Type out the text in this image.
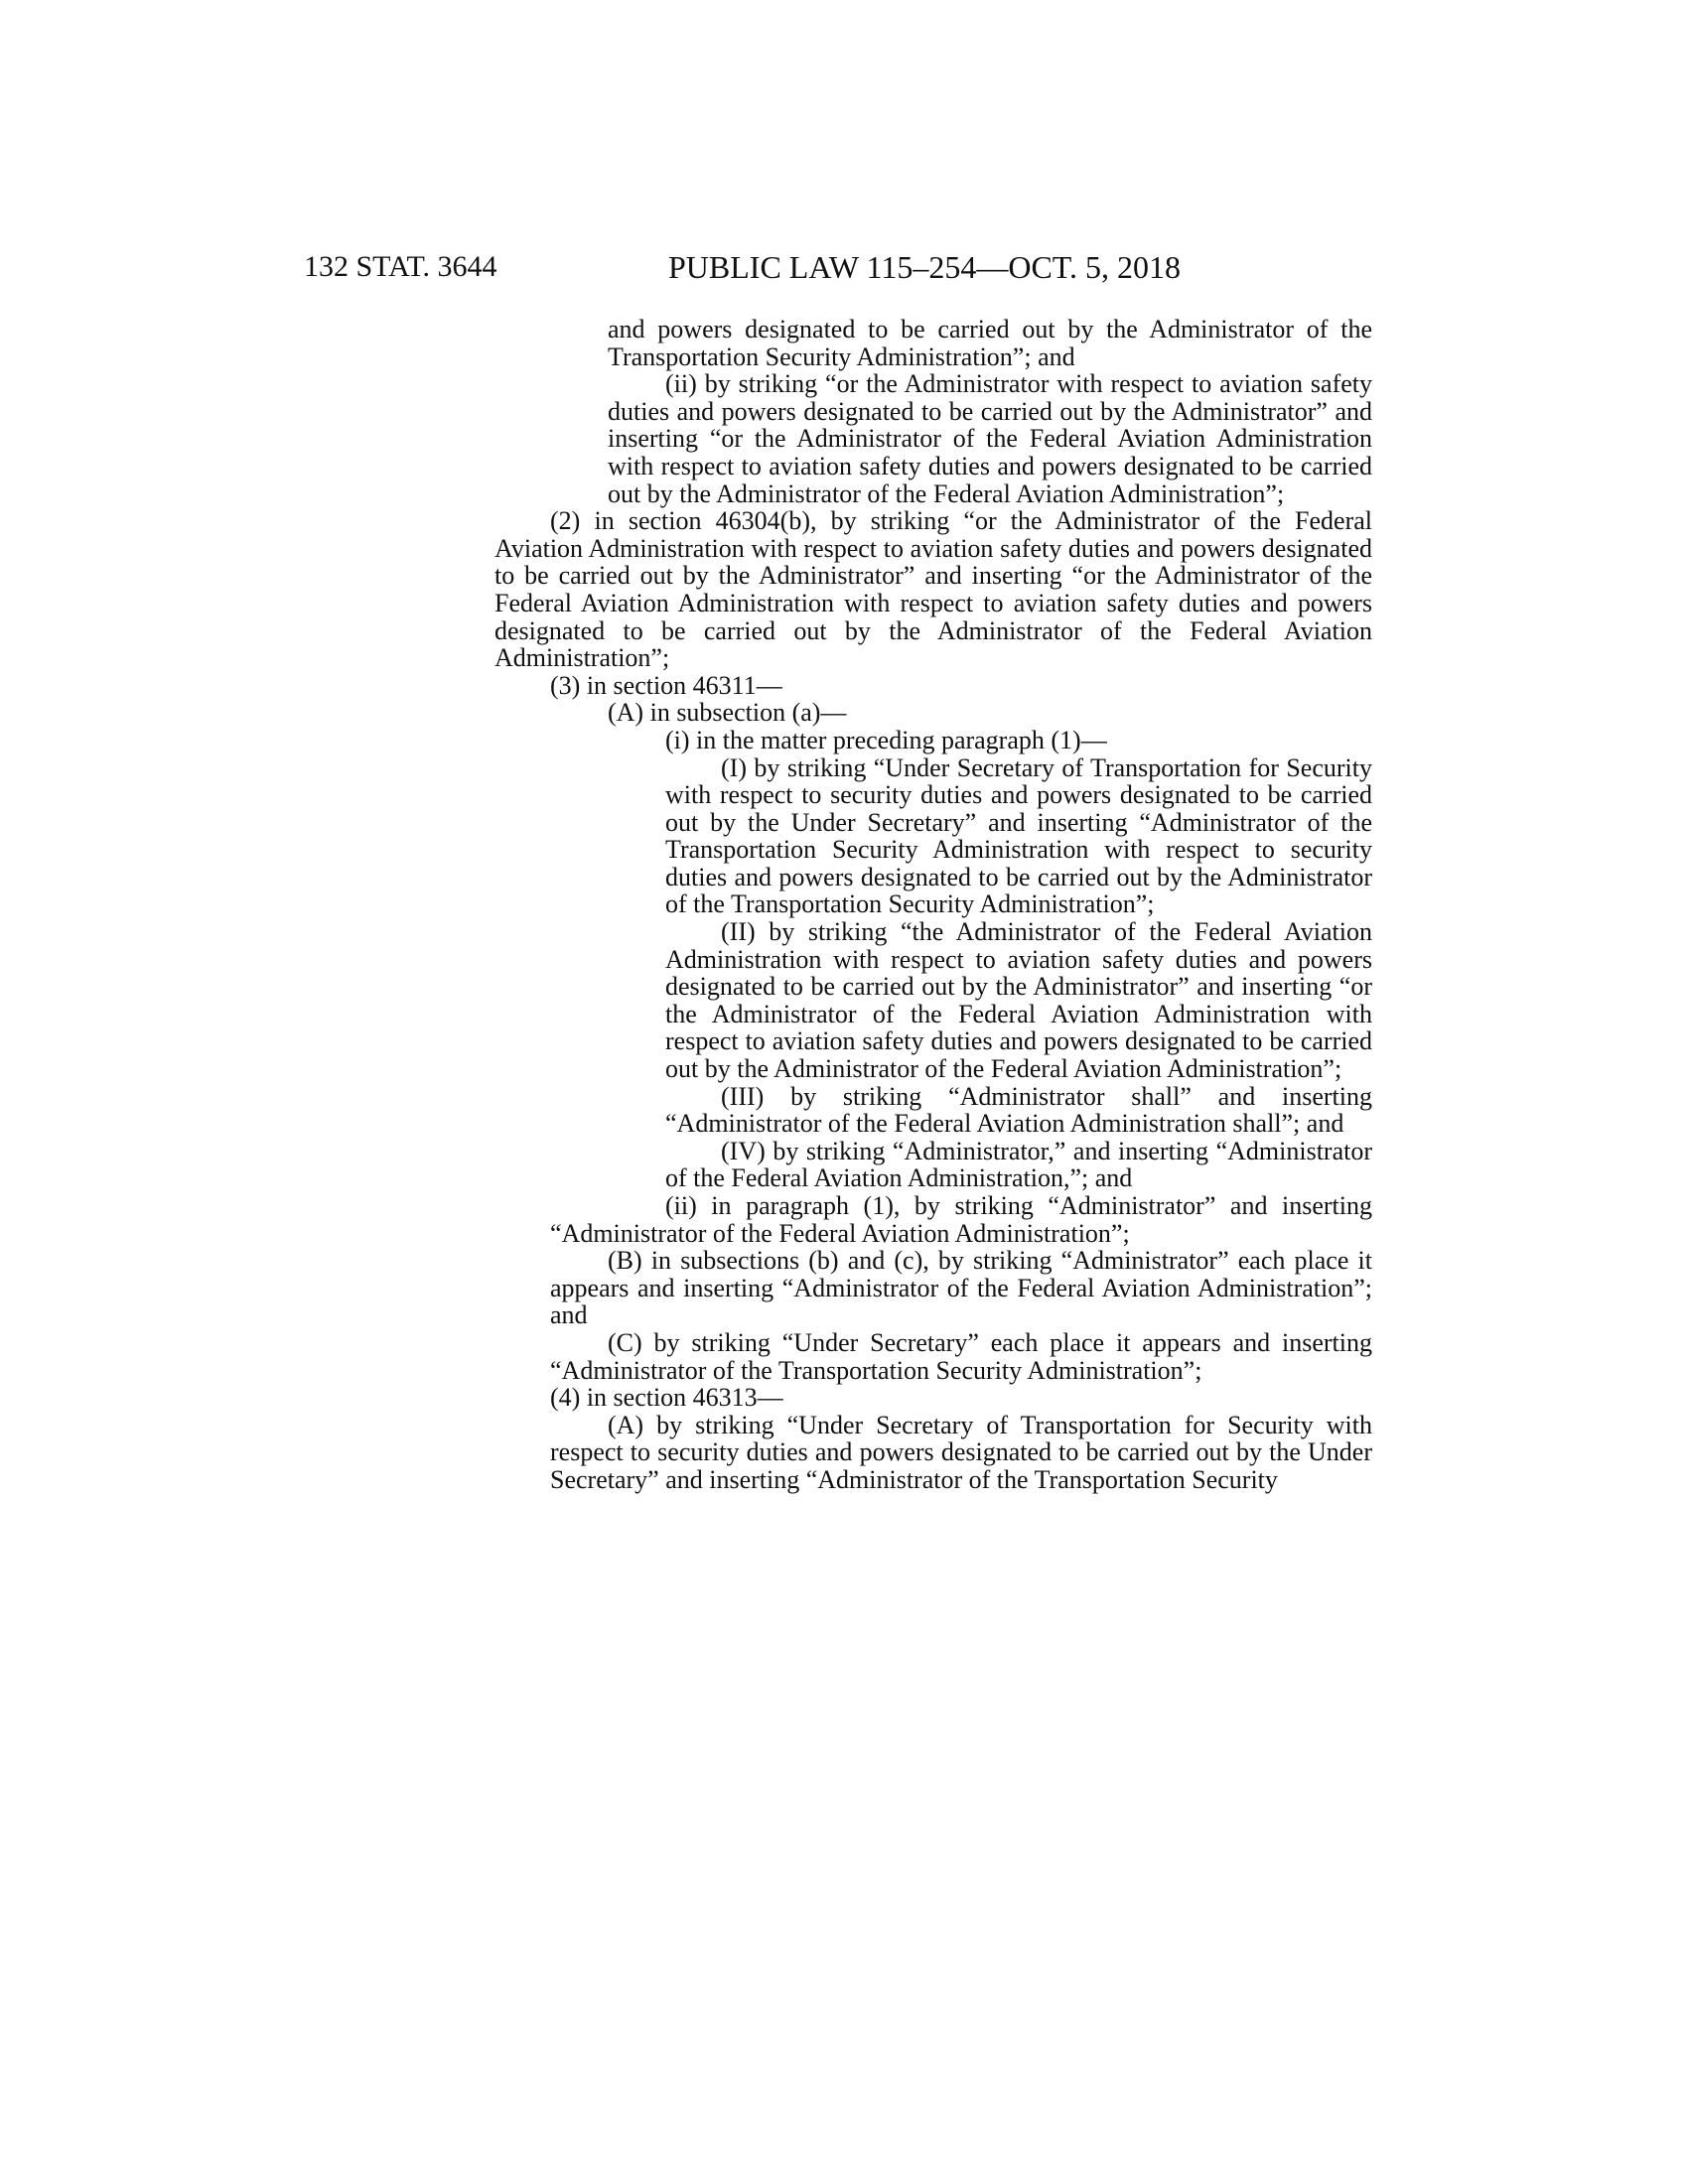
132 STAT. 3644	PUBLIC LAW 115–254—OCT. 5, 2018

and powers designated to be carried out by the Administrator of the Transportation Security Administration”; and

(ii) by striking “or the Administrator with respect to aviation safety duties and powers designated to be carried out by the Administrator” and inserting “or the Administrator of the Federal Aviation Administration with respect to aviation safety duties and powers designated to be carried out by the Administrator of the Federal Aviation Administration”;

(2) in section 46304(b), by striking “or the Administrator of the Federal Aviation Administration with respect to aviation safety duties and powers designated to be carried out by the Administrator” and inserting “or the Administrator of the Federal Aviation Administration with respect to aviation safety duties and powers designated to be carried out by the Administrator of the Federal Aviation Administration”;

(3) in section 46311—

(A) in subsection (a)—

(i) in the matter preceding paragraph (1)—

(I) by striking “Under Secretary of Transportation for Security with respect to security duties and powers designated to be carried out by the Under Secretary” and inserting “Administrator of the Transportation Security Administration with respect to security duties and powers designated to be carried out by the Administrator of the Transportation Security Administration”;

(II) by striking “the Administrator of the Federal Aviation Administration with respect to aviation safety duties and powers designated to be carried out by the Administrator” and inserting “or the Administrator of the Federal Aviation Administration with respect to aviation safety duties and powers designated to be carried out by the Administrator of the Federal Aviation Administration”;

(III) by striking “Administrator shall” and inserting “Administrator of the Federal Aviation Administration shall”; and

(IV) by striking “Administrator,” and inserting “Administrator of the Federal Aviation Administration,”; and

(ii) in paragraph (1), by striking “Administrator” and inserting “Administrator of the Federal Aviation Administration”;

(B) in subsections (b) and (c), by striking “Administrator” each place it appears and inserting “Administrator of the Federal Aviation Administration”; and

(C) by striking “Under Secretary” each place it appears and inserting “Administrator of the Transportation Security Administration”;

(4) in section 46313—

(A) by striking “Under Secretary of Transportation for Security with respect to security duties and powers designated to be carried out by the Under Secretary” and inserting “Administrator of the Transportation Security
